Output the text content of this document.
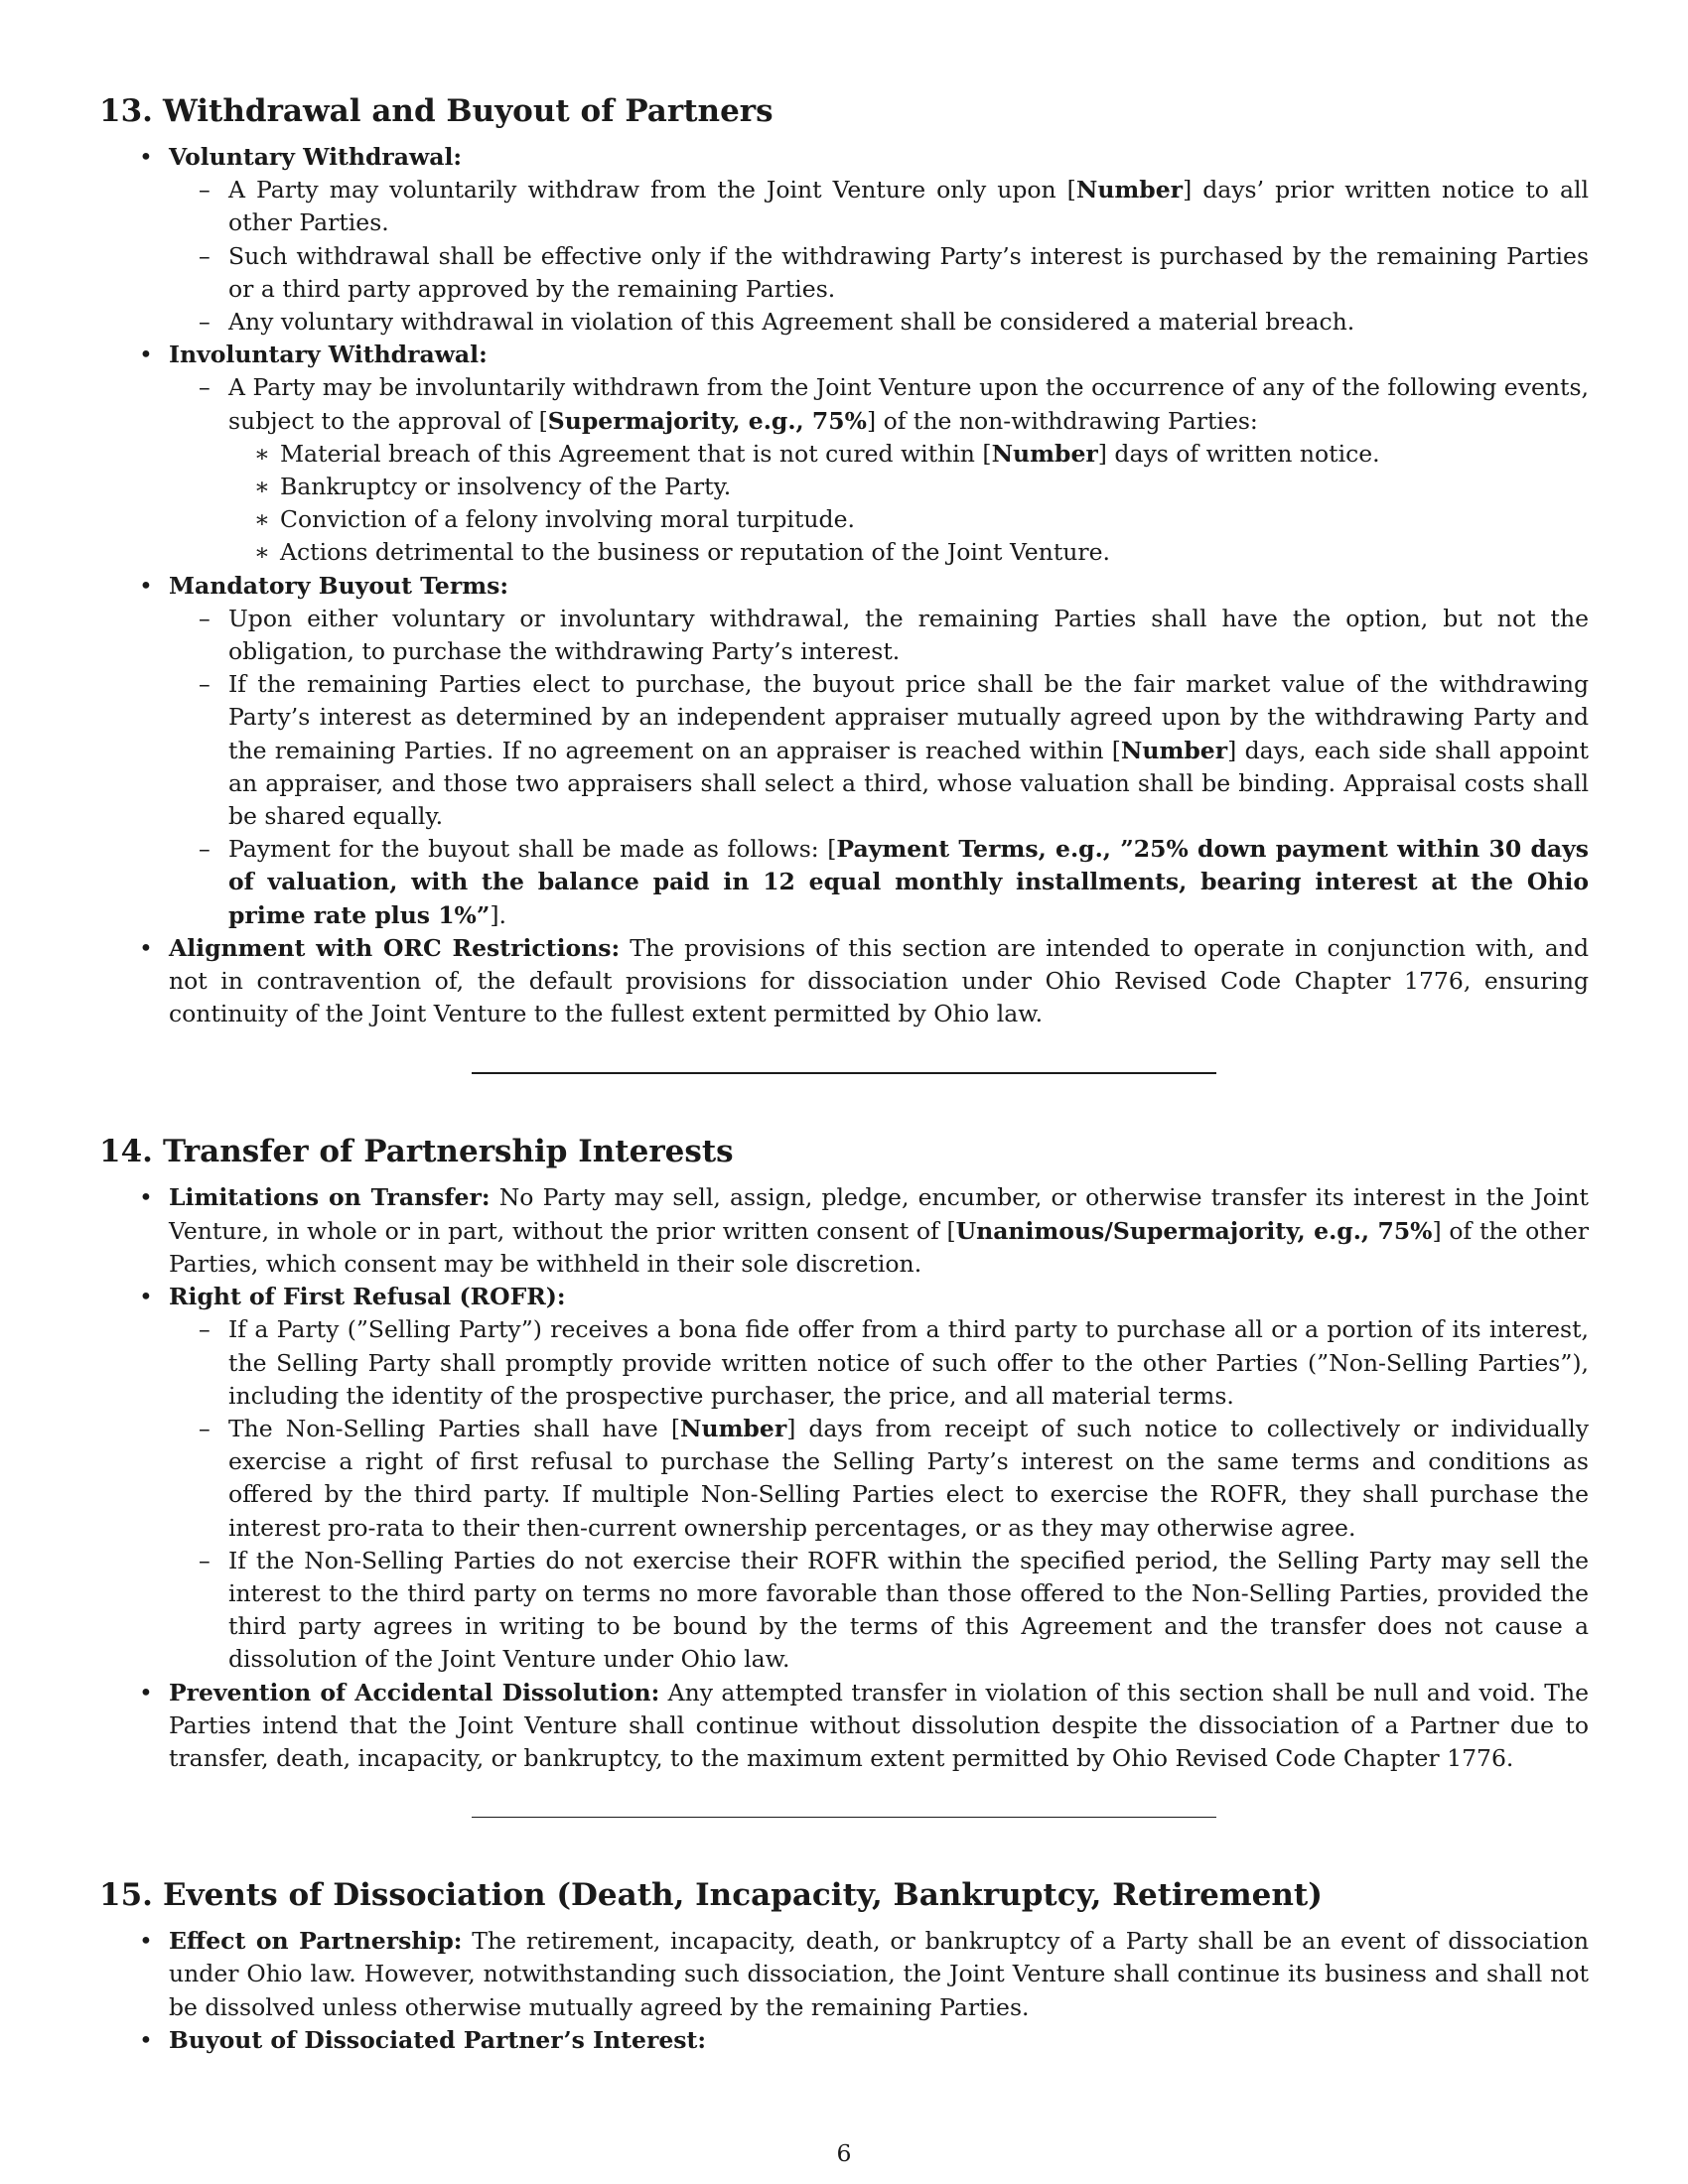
13. Withdrawal and Buyout of Partners
• Voluntary Withdrawal:
– A Party may voluntarily withdraw from the Joint Venture only upon [Number] days’ prior written notice to all other Parties.
– Such withdrawal shall be effective only if the withdrawing Party’s interest is purchased by the remaining Parties or a third party approved by the remaining Parties.
– Any voluntary withdrawal in violation of this Agreement shall be considered a material breach.
• Involuntary Withdrawal:
– A Party may be involuntarily withdrawn from the Joint Venture upon the occurrence of any of the following events, subject to the approval of [Supermajority, e.g., 75%] of the non-withdrawing Parties:
∗ Material breach of this Agreement that is not cured within [Number] days of written notice.
∗ Bankruptcy or insolvency of the Party.
∗ Conviction of a felony involving moral turpitude.
∗ Actions detrimental to the business or reputation of the Joint Venture.
• Mandatory Buyout Terms:
– Upon either voluntary or involuntary withdrawal, the remaining Parties shall have the option, but not the obligation, to purchase the withdrawing Party’s interest.
– If the remaining Parties elect to purchase, the buyout price shall be the fair market value of the withdrawing Party’s interest as determined by an independent appraiser mutually agreed upon by the withdrawing Party and the remaining Parties. If no agreement on an appraiser is reached within [Number] days, each side shall appoint an appraiser, and those two appraisers shall select a third, whose valuation shall be binding. Appraisal costs shall be shared equally.
– Payment for the buyout shall be made as follows: [Payment Terms, e.g., ”25% down payment within 30 days of valuation, with the balance paid in 12 equal monthly installments, bearing interest at the Ohio prime rate plus 1%”].
• Alignment with ORC Restrictions: The provisions of this section are intended to operate in conjunction with, and not in contravention of, the default provisions for dissociation under Ohio Revised Code Chapter 1776, ensuring continuity of the Joint Venture to the fullest extent permitted by Ohio law.
14. Transfer of Partnership Interests
• Limitations on Transfer: No Party may sell, assign, pledge, encumber, or otherwise transfer its interest in the Joint Venture, in whole or in part, without the prior written consent of [Unanimous/Supermajority, e.g., 75%] of the other Parties, which consent may be withheld in their sole discretion.
• Right of First Refusal (ROFR):
– If a Party (”Selling Party”) receives a bona fide offer from a third party to purchase all or a portion of its interest, the Selling Party shall promptly provide written notice of such offer to the other Parties (”Non-Selling Parties”), including the identity of the prospective purchaser, the price, and all material terms.
– The Non-Selling Parties shall have [Number] days from receipt of such notice to collectively or individually exercise a right of first refusal to purchase the Selling Party’s interest on the same terms and conditions as offered by the third party. If multiple Non-Selling Parties elect to exercise the ROFR, they shall purchase the interest pro-rata to their then-current ownership percentages, or as they may otherwise agree.
– If the Non-Selling Parties do not exercise their ROFR within the specified period, the Selling Party may sell the interest to the third party on terms no more favorable than those offered to the Non-Selling Parties, provided the third party agrees in writing to be bound by the terms of this Agreement and the transfer does not cause a dissolution of the Joint Venture under Ohio law.
• Prevention of Accidental Dissolution: Any attempted transfer in violation of this section shall be null and void. The Parties intend that the Joint Venture shall continue without dissolution despite the dissociation of a Partner due to transfer, death, incapacity, or bankruptcy, to the maximum extent permitted by Ohio Revised Code Chapter 1776.
15. Events of Dissociation (Death, Incapacity, Bankruptcy, Retirement)
• Effect on Partnership: The retirement, incapacity, death, or bankruptcy of a Party shall be an event of dissociation under Ohio law. However, notwithstanding such dissociation, the Joint Venture shall continue its business and shall not be dissolved unless otherwise mutually agreed by the remaining Parties.
• Buyout of Dissociated Partner’s Interest:
6
